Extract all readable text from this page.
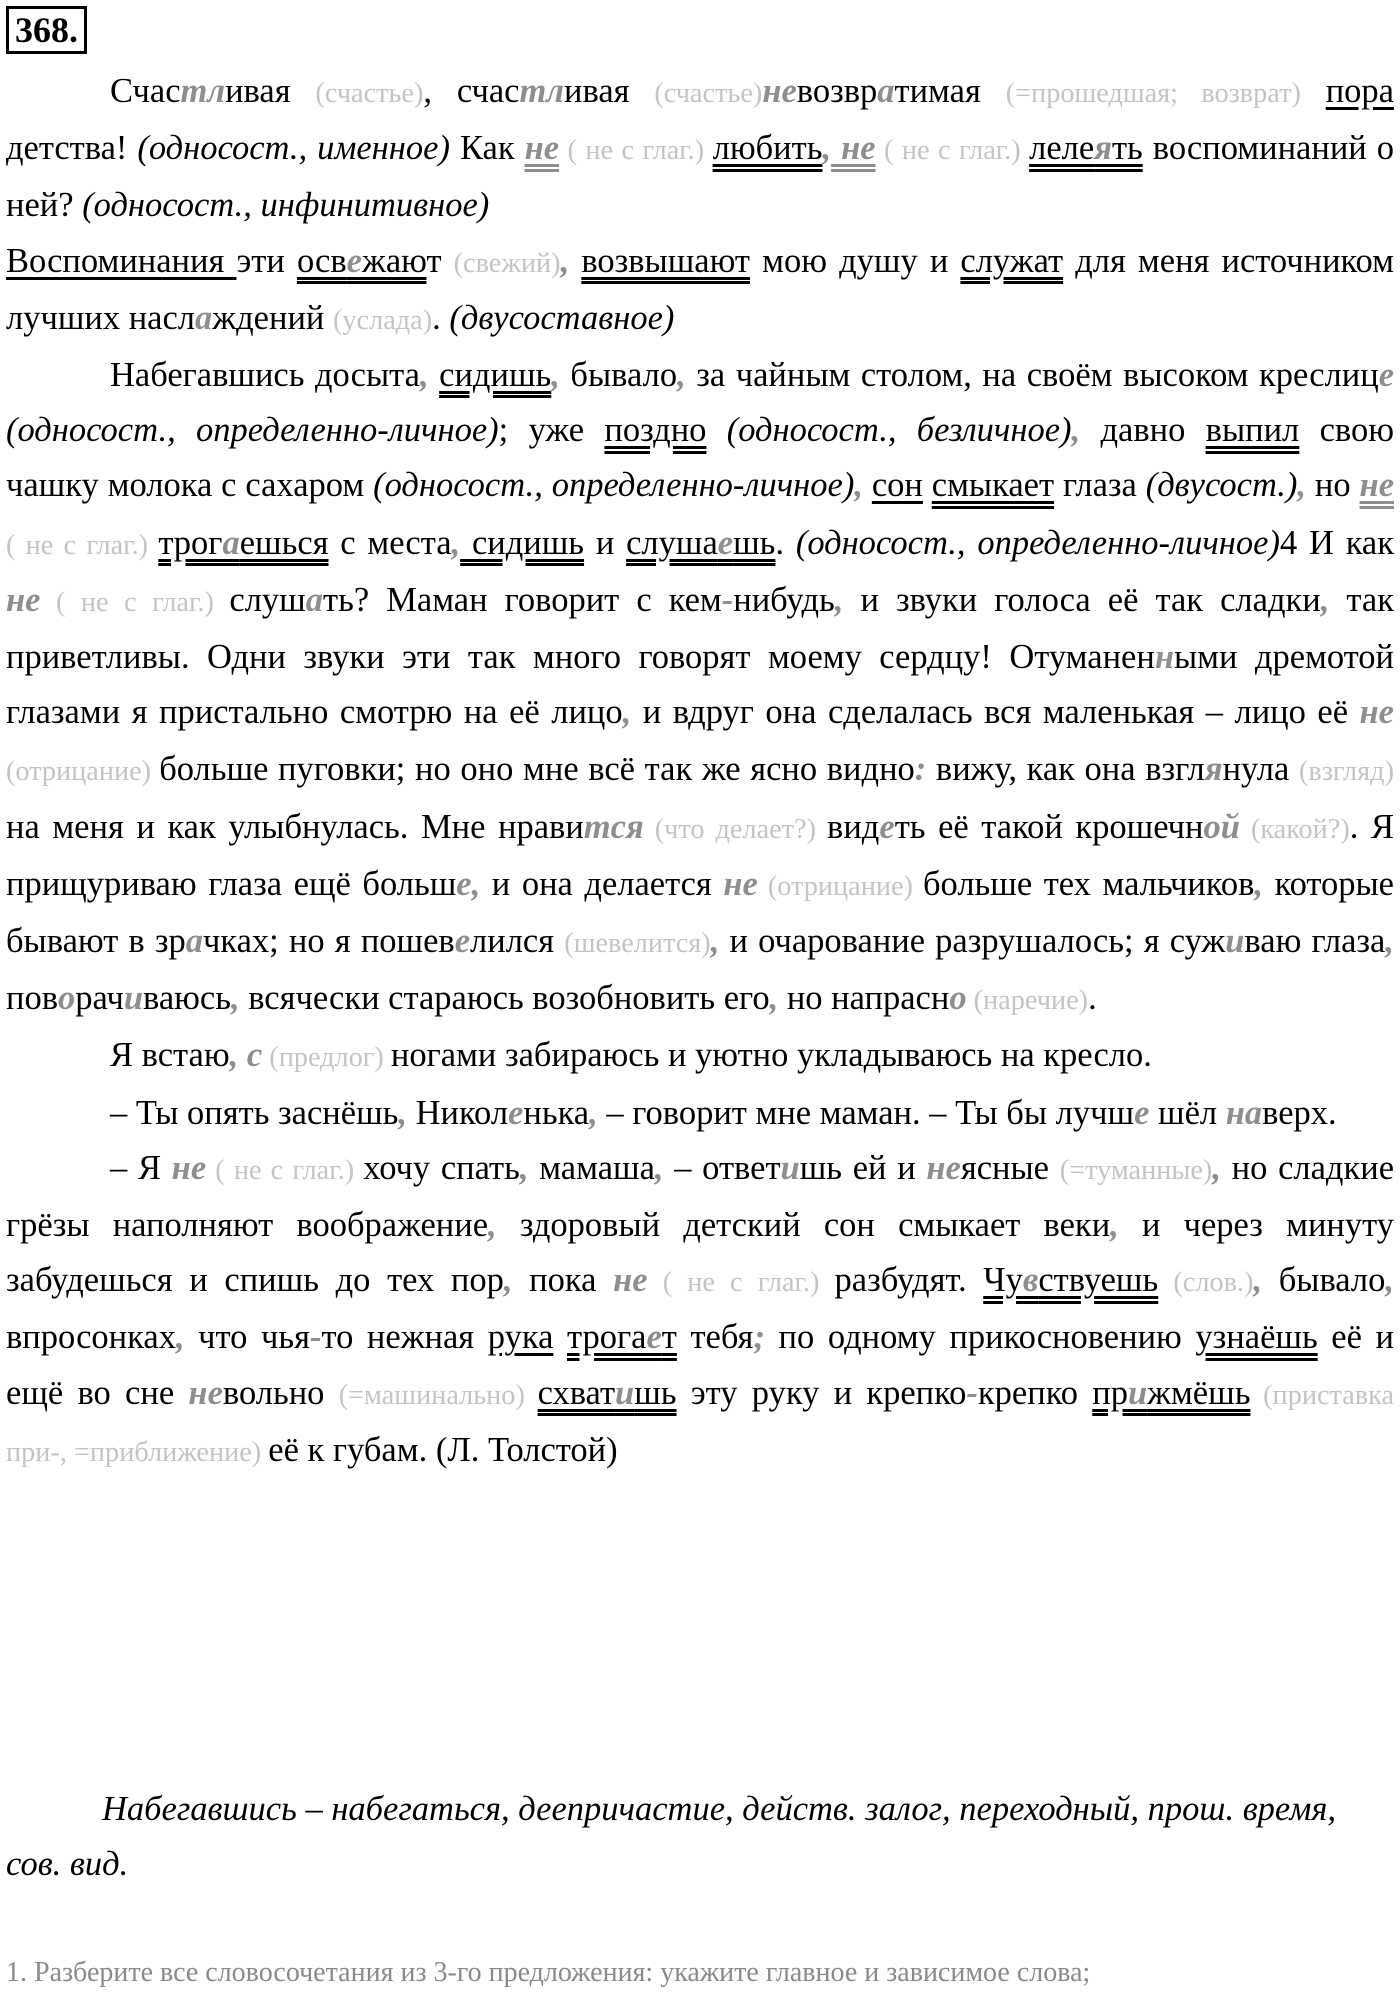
368.

Счастливая (счастье), счастливая (счастье)невозвратимая (=прошедшая; возврат) пора детства! (односост., именное) Как не ( не с глаг.) любить, не ( не с глаг.) лелеять воспоминаний о ней? (односост., инфинитивное)

Воспоминания эти освежают (свежий), возвышают мою душу и служат для меня источником лучших наслаждений (услада). (двусоставное)

Набегавшись досыта, сидишь, бывало, за чайным столом, на своём высоком креслице (односост., определенно-личное); уже поздно (односост., безличное), давно выпил свою чашку молока с сахаром (односост., определенно-личное), сон смыкает глаза (двусост.), но не ( не с глаг.) трогаешься с места, сидишь и слушаешь. (односост., определенно-личное)4 И как не ( не с глаг.) слушать? Маман говорит с кем-нибудь, и звуки голоса её так сладки, так приветливы. Одни звуки эти так много говорят моему сердцу! Отуманенными дремотой глазами я пристально смотрю на её лицо, и вдруг она сделалась вся маленькая – лицо её не (отрицание) больше пуговки; но оно мне всё так же ясно видно: вижу, как она взглянула (взгляд) на меня и как улыбнулась. Мне нравится (что делает?) видеть её такой крошечной (какой?). Я прищуриваю глаза ещё больше, и она делается не (отрицание) больше тех мальчиков, которые бывают в зрачках; но я пошевелился (шевелится), и очарование разрушалось; я суживаю глаза, поворачиваюсь, всячески стараюсь возобновить его, но напрасно (наречие).

Я встаю, с (предлог) ногами забираюсь и уютно укладываюсь на кресло.

– Ты опять заснёшь, Николенька, – говорит мне маман. – Ты бы лучше шёл наверх.

– Я не ( не с глаг.) хочу спать, мамаша, – ответишь ей и неясные (=туманные), но сладкие грёзы наполняют воображение, здоровый детский сон смыкает веки, и через минуту забудешься и спишь до тех пор, пока не ( не с глаг.) разбудят. Чувствуешь (слов.), бывало, впросонках, что чья-то нежная рука трогает тебя; по одному прикосновению узнаёшь её и ещё во сне невольно (=машинально) схватишь эту руку и крепко-крепко прижмёшь (приставка при-, =приближение) её к губам. (Л. Толстой)

Набегавшись – набегаться, деепричастие, действ. залог, переходный, прош. время, сов. вид.

1. Разберите все словосочетания из 3-го предложения: укажите главное и зависимое слова;
